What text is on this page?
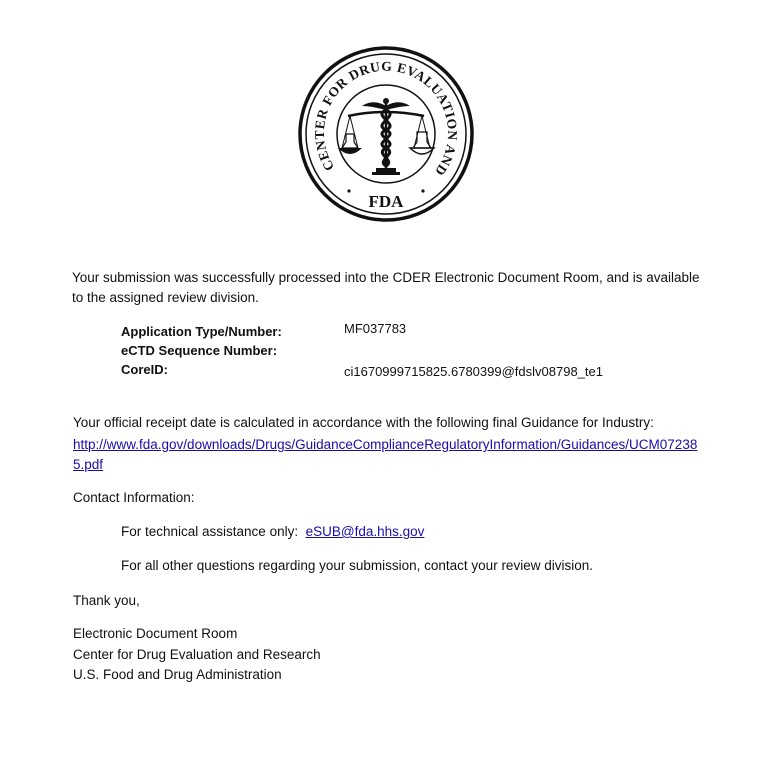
CENTER FOR DRUG EVALUATION AND
FDA
Your submission was successfully processed into the CDER Electronic Document Room, and is available
to the assigned review division.
Application Type/Number:	MF037783
eCTD Sequence Number:
CoreID:	ci1670999715825.6780399@fdslv08798_te1
Your official receipt date is calculated in accordance with the following final Guidance for Industry:
http://www.fda.gov/downloads/Drugs/GuidanceComplianceRegulatoryInformation/Guidances/UCM072385.pdf
Contact Information:
For technical assistance only: eSUB@fda.hhs.gov
For all other questions regarding your submission, contact your review division.
Thank you,
Electronic Document Room
Center for Drug Evaluation and Research
U.S. Food and Drug Administration
